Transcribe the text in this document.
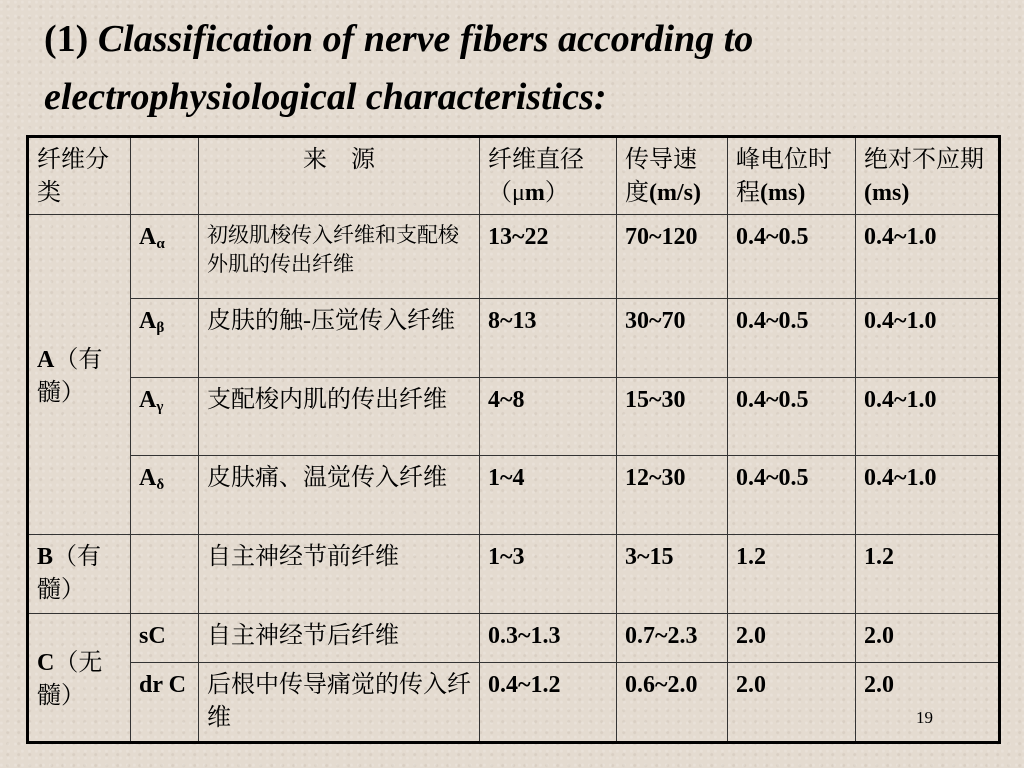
(1) Classification of nerve fibers according to
electrophysiological characteristics:
纤维分类		来　源	纤维直径（μm）	传导速度(m/s)	峰电位时程(ms)	绝对不应期(ms)
A（有髓）	$A_\alpha$	初级肌梭传入纤维和支配梭外肌的传出纤维	13~22	70~120	0.4~0.5	0.4~1.0
	$A_\beta$	皮肤的触-压觉传入纤维	8~13	30~70	0.4~0.5	0.4~1.0
	$A_\gamma$	支配梭内肌的传出纤维	4~8	15~30	0.4~0.5	0.4~1.0
	$A_\delta$	皮肤痛、温觉传入纤维	1~4	12~30	0.4~0.5	0.4~1.0
B（有髓）		自主神经节前纤维	1~3	3~15	1.2	1.2
C（无髓）	sC	自主神经节后纤维	0.3~1.3	0.7~2.3	2.0	2.0
	dr C	后根中传导痛觉的传入纤维	0.4~1.2	0.6~2.0	2.0	2.0
19
